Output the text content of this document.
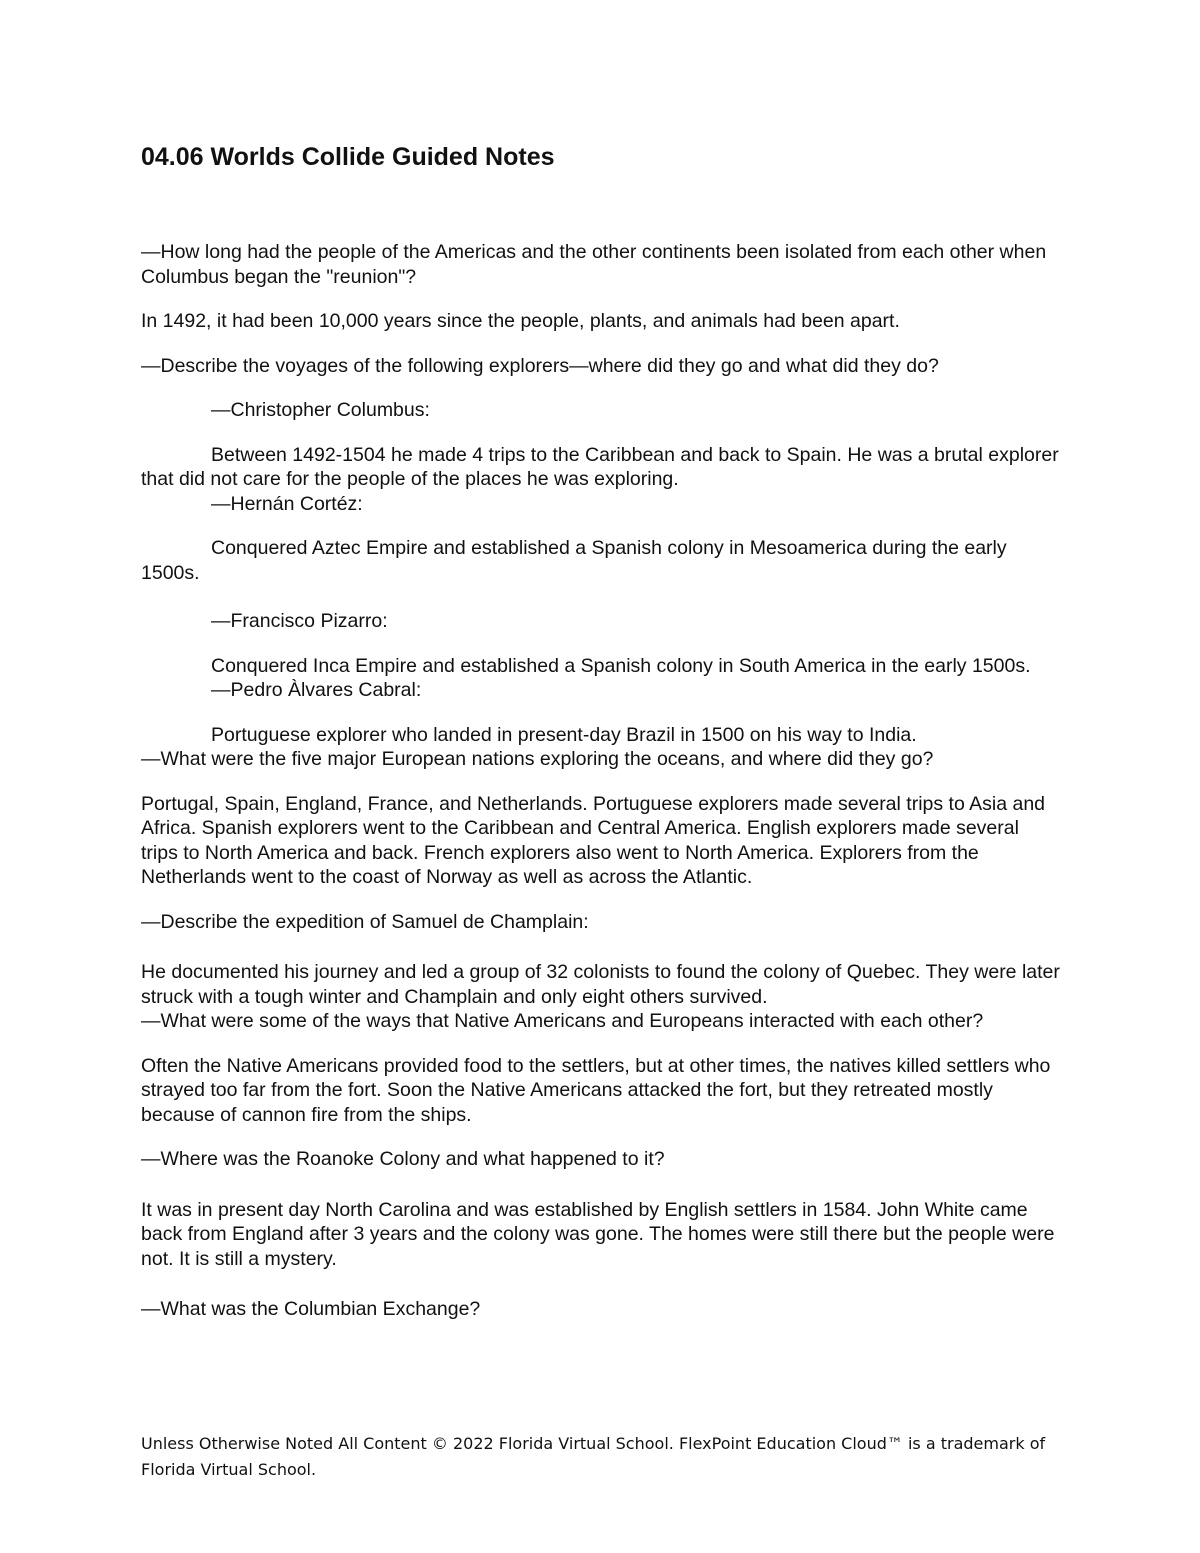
04.06 Worlds Collide Guided Notes

—How long had the people of the Americas and the other continents been isolated from each other when Columbus began the "reunion"?

In 1492, it had been 10,000 years since the people, plants, and animals had been apart.

—Describe the voyages of the following explorers—where did they go and what did they do?

—Christopher Columbus:

Between 1492-1504 he made 4 trips to the Caribbean and back to Spain. He was a brutal explorer that did not care for the people of the places he was exploring.

—Hernán Cortéz:

Conquered Aztec Empire and established a Spanish colony in Mesoamerica during the early 1500s.

—Francisco Pizarro:

Conquered Inca Empire and established a Spanish colony in South America in the early 1500s.

—Pedro Àlvares Cabral:

Portuguese explorer who landed in present-day Brazil in 1500 on his way to India.

—What were the five major European nations exploring the oceans, and where did they go?

Portugal, Spain, England, France, and Netherlands. Portuguese explorers made several trips to Asia and Africa. Spanish explorers went to the Caribbean and Central America. English explorers made several trips to North America and back. French explorers also went to North America. Explorers from the Netherlands went to the coast of Norway as well as across the Atlantic.

—Describe the expedition of Samuel de Champlain:

He documented his journey and led a group of 32 colonists to found the colony of Quebec. They were later struck with a tough winter and Champlain and only eight others survived.

—What were some of the ways that Native Americans and Europeans interacted with each other?

Often the Native Americans provided food to the settlers, but at other times, the natives killed settlers who strayed too far from the fort. Soon the Native Americans attacked the fort, but they retreated mostly because of cannon fire from the ships.

—Where was the Roanoke Colony and what happened to it?

It was in present day North Carolina and was established by English settlers in 1584. John White came back from England after 3 years and the colony was gone. The homes were still there but the people were not. It is still a mystery.

—What was the Columbian Exchange?

Unless Otherwise Noted All Content © 2022 Florida Virtual School. FlexPoint Education Cloud™ is a trademark of Florida Virtual School.
